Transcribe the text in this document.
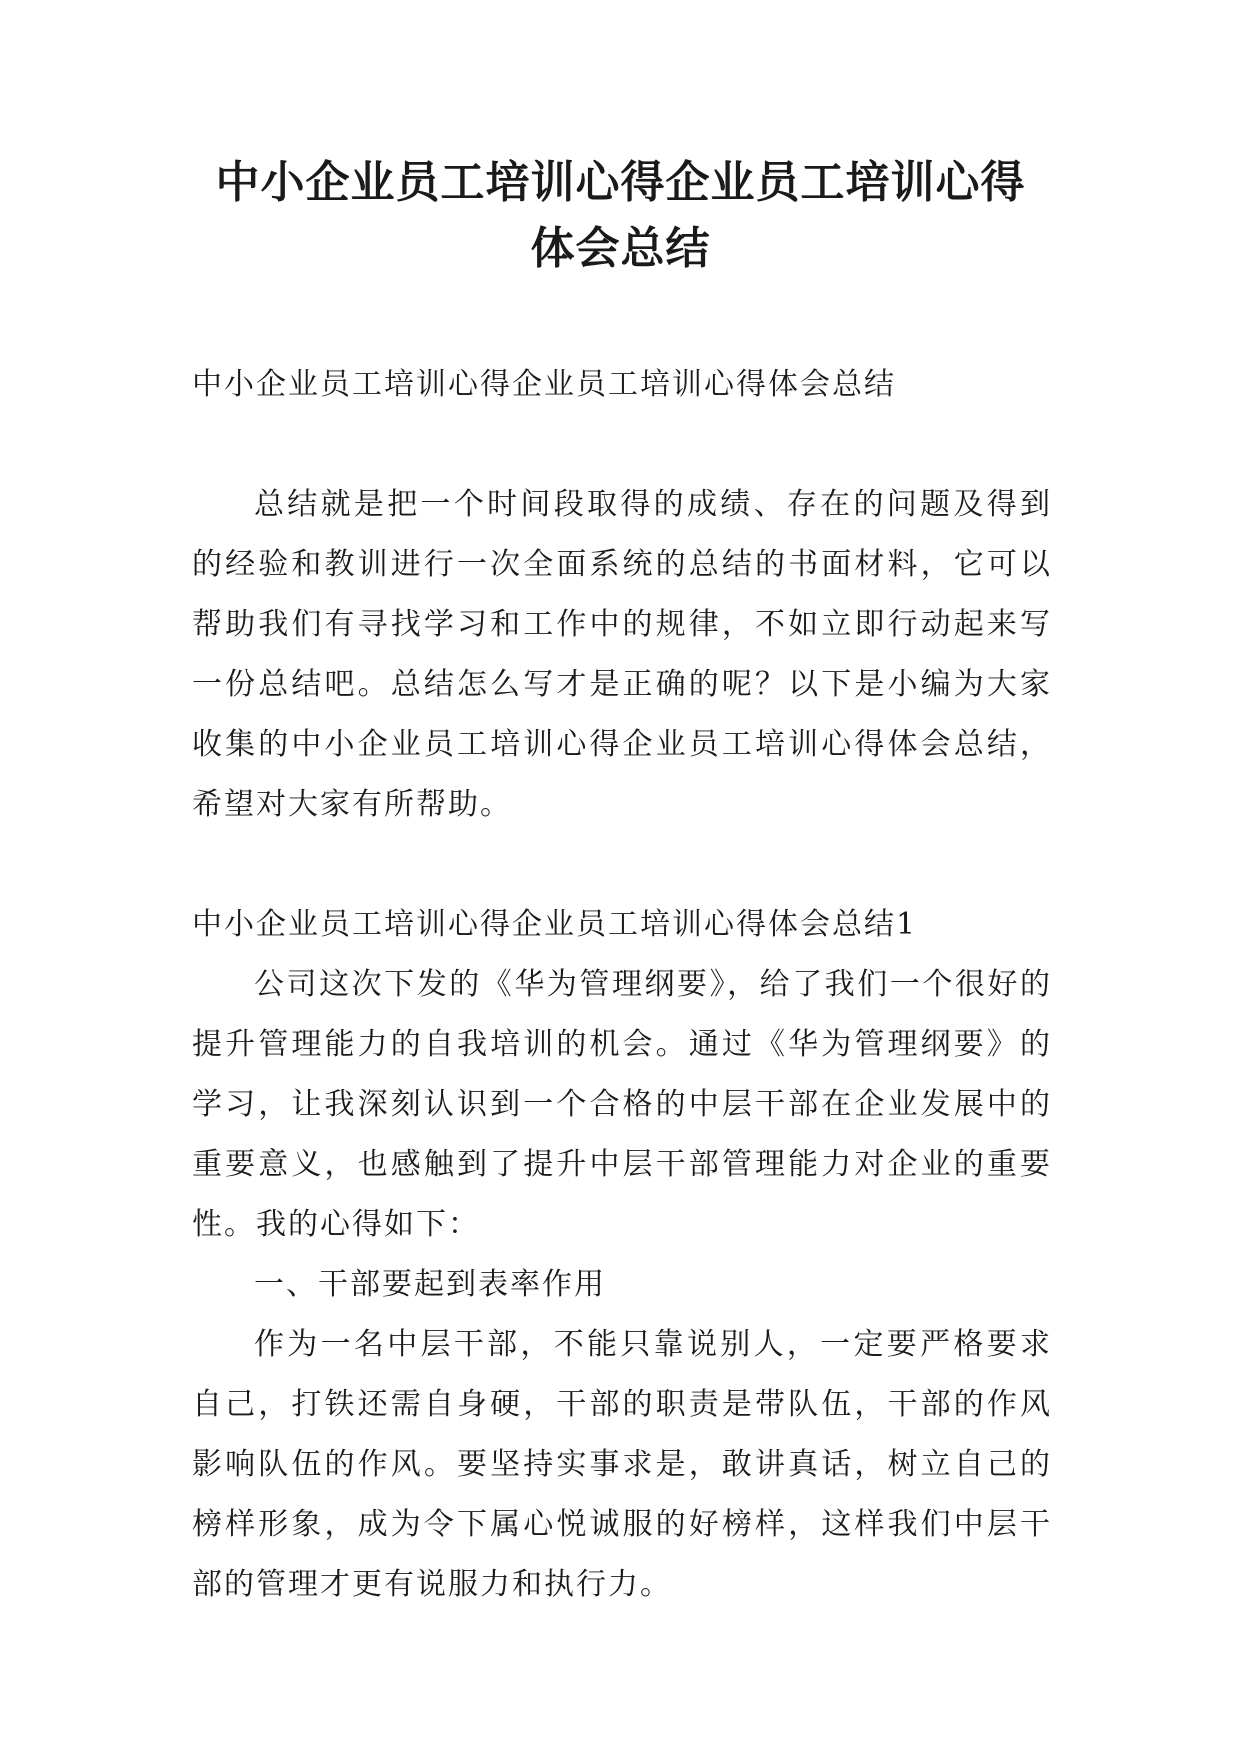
中小企业员工培训心得企业员工培训心得
体会总结

中小企业员工培训心得企业员工培训心得体会总结

总结就是把一个时间段取得的成绩、存在的问题及得到的经验和教训进行一次全面系统的总结的书面材料，它可以帮助我们有寻找学习和工作中的规律，不如立即行动起来写一份总结吧。总结怎么写才是正确的呢？以下是小编为大家收集的中小企业员工培训心得企业员工培训心得体会总结，希望对大家有所帮助。

中小企业员工培训心得企业员工培训心得体会总结1

公司这次下发的《华为管理纲要》，给了我们一个很好的提升管理能力的自我培训的机会。通过《华为管理纲要》的学习，让我深刻认识到一个合格的中层干部在企业发展中的重要意义，也感触到了提升中层干部管理能力对企业的重要性。我的心得如下：

一、干部要起到表率作用

作为一名中层干部，不能只靠说别人，一定要严格要求自己，打铁还需自身硬，干部的职责是带队伍，干部的作风影响队伍的作风。要坚持实事求是，敢讲真话，树立自己的榜样形象，成为令下属心悦诚服的好榜样，这样我们中层干部的管理才更有说服力和执行力。
